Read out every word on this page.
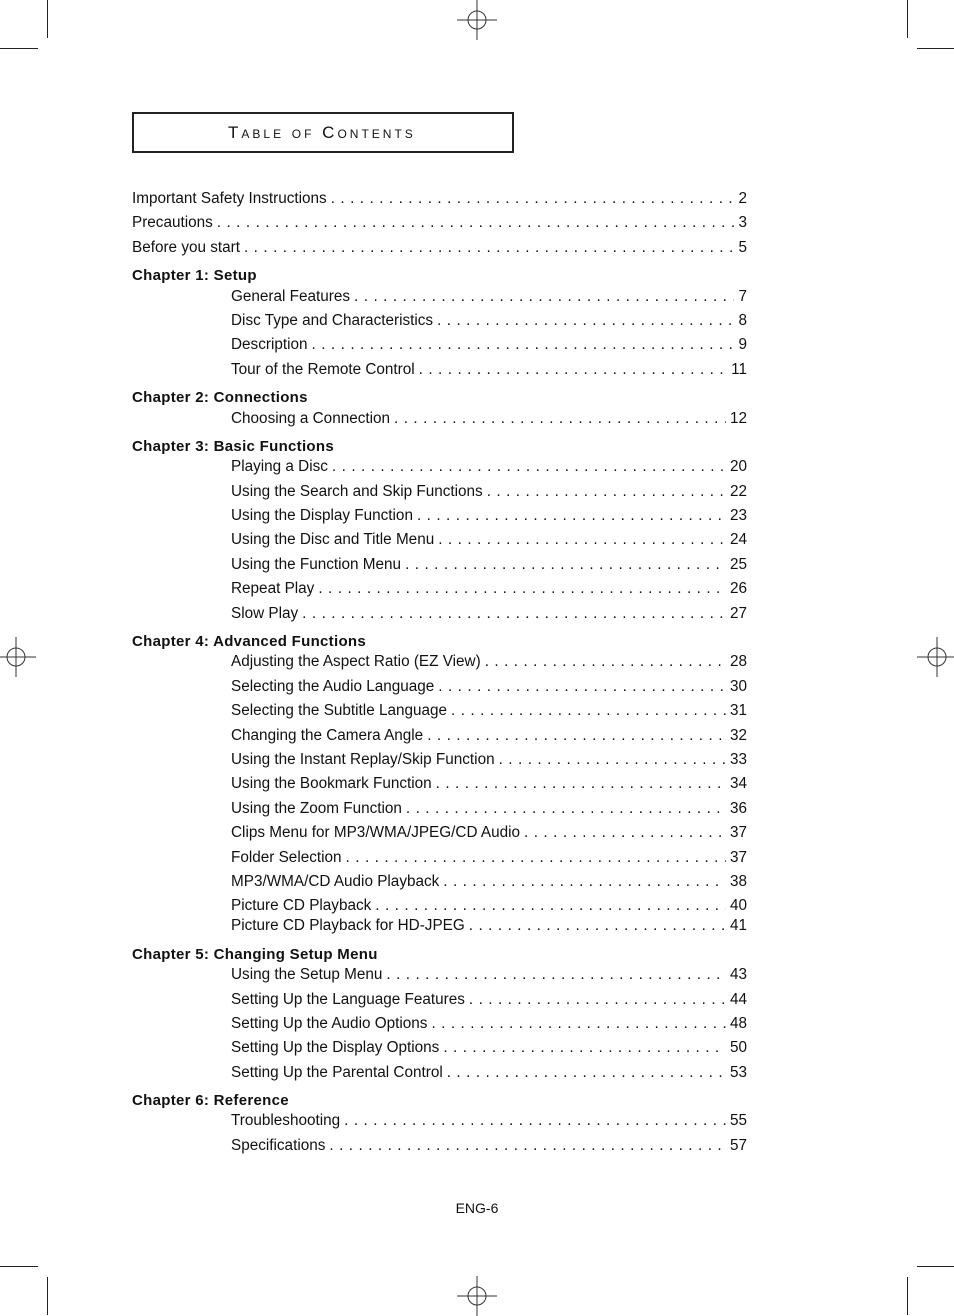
Table of Contents
Important Safety Instructions . . .	2
Precautions . . .	3
Before you start . . .	5
Chapter 1: Setup
General Features . . .	7
Disc Type and Characteristics . . .	8
Description . . .	9
Tour of the Remote Control . . .	11
Chapter 2: Connections
Choosing a Connection . . .	12
Chapter 3: Basic Functions
Playing a Disc . . .	20
Using the Search and Skip Functions . . .	22
Using the Display Function . . .	23
Using the Disc and Title Menu . . .	24
Using the Function Menu . . .	25
Repeat Play . . .	26
Slow Play . . .	27
Chapter 4: Advanced Functions
Adjusting the Aspect Ratio (EZ View) . . .	28
Selecting the Audio Language . . .	30
Selecting the Subtitle Language . . .	31
Changing the Camera Angle . . .	32
Using the Instant Replay/Skip Function . . .	33
Using the Bookmark Function . . .	34
Using the Zoom Function . . .	36
Clips Menu for MP3/WMA/JPEG/CD Audio . . .	37
Folder Selection . . .	37
MP3/WMA/CD Audio Playback . . .	38
Picture CD Playback . . .	40
Picture CD Playback for HD-JPEG . . .	41
Chapter 5: Changing Setup Menu
Using the Setup Menu . . .	43
Setting Up the Language Features . . .	44
Setting Up the Audio Options . . .	48
Setting Up the Display Options . . .	50
Setting Up the Parental Control . . .	53
Chapter 6: Reference
Troubleshooting . . .	55
Specifications . . .	57
ENG-6
